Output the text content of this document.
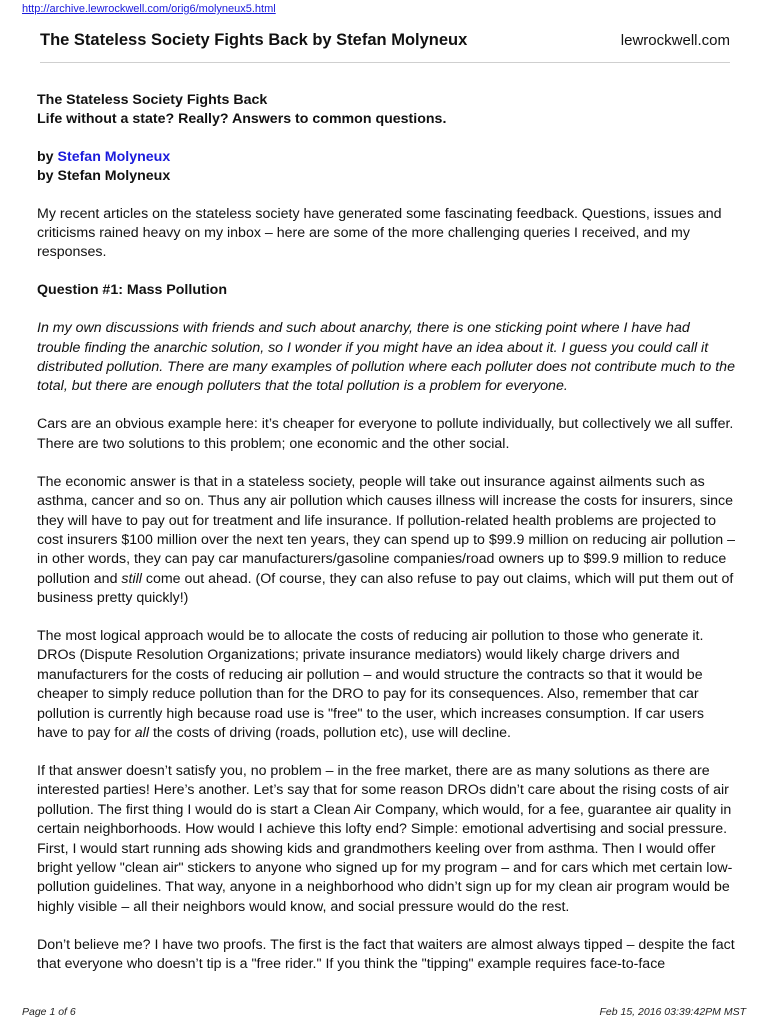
http://archive.lewrockwell.com/orig6/molyneux5.html
The Stateless Society Fights Back by Stefan Molyneux	lewrockwell.com

The Stateless Society Fights Back
Life without a state? Really? Answers to common questions.

by Stefan Molyneux
by Stefan Molyneux

My recent articles on the stateless society have generated some fascinating feedback. Questions, issues and criticisms rained heavy on my inbox – here are some of the more challenging queries I received, and my responses.

Question #1: Mass Pollution

In my own discussions with friends and such about anarchy, there is one sticking point where I have had trouble finding the anarchic solution, so I wonder if you might have an idea about it. I guess you could call it distributed pollution. There are many examples of pollution where each polluter does not contribute much to the total, but there are enough polluters that the total pollution is a problem for everyone.

Cars are an obvious example here: it’s cheaper for everyone to pollute individually, but collectively we all suffer. There are two solutions to this problem; one economic and the other social.

The economic answer is that in a stateless society, people will take out insurance against ailments such as asthma, cancer and so on. Thus any air pollution which causes illness will increase the costs for insurers, since they will have to pay out for treatment and life insurance. If pollution-related health problems are projected to cost insurers $100 million over the next ten years, they can spend up to $99.9 million on reducing air pollution – in other words, they can pay car manufacturers/gasoline companies/road owners up to $99.9 million to reduce pollution and still come out ahead. (Of course, they can also refuse to pay out claims, which will put them out of business pretty quickly!)

The most logical approach would be to allocate the costs of reducing air pollution to those who generate it. DROs (Dispute Resolution Organizations; private insurance mediators) would likely charge drivers and manufacturers for the costs of reducing air pollution – and would structure the contracts so that it would be cheaper to simply reduce pollution than for the DRO to pay for its consequences. Also, remember that car pollution is currently high because road use is "free" to the user, which increases consumption. If car users have to pay for all the costs of driving (roads, pollution etc), use will decline.

If that answer doesn’t satisfy you, no problem – in the free market, there are as many solutions as there are interested parties! Here’s another. Let’s say that for some reason DROs didn’t care about the rising costs of air pollution. The first thing I would do is start a Clean Air Company, which would, for a fee, guarantee air quality in certain neighborhoods. How would I achieve this lofty end? Simple: emotional advertising and social pressure. First, I would start running ads showing kids and grandmothers keeling over from asthma. Then I would offer bright yellow "clean air" stickers to anyone who signed up for my program – and for cars which met certain low-pollution guidelines. That way, anyone in a neighborhood who didn’t sign up for my clean air program would be highly visible – all their neighbors would know, and social pressure would do the rest.

Don’t believe me? I have two proofs. The first is the fact that waiters are almost always tipped – despite the fact that everyone who doesn’t tip is a "free rider." If you think the "tipping" example requires face-to-face

Page 1 of 6	Feb 15, 2016 03:39:42PM MST
